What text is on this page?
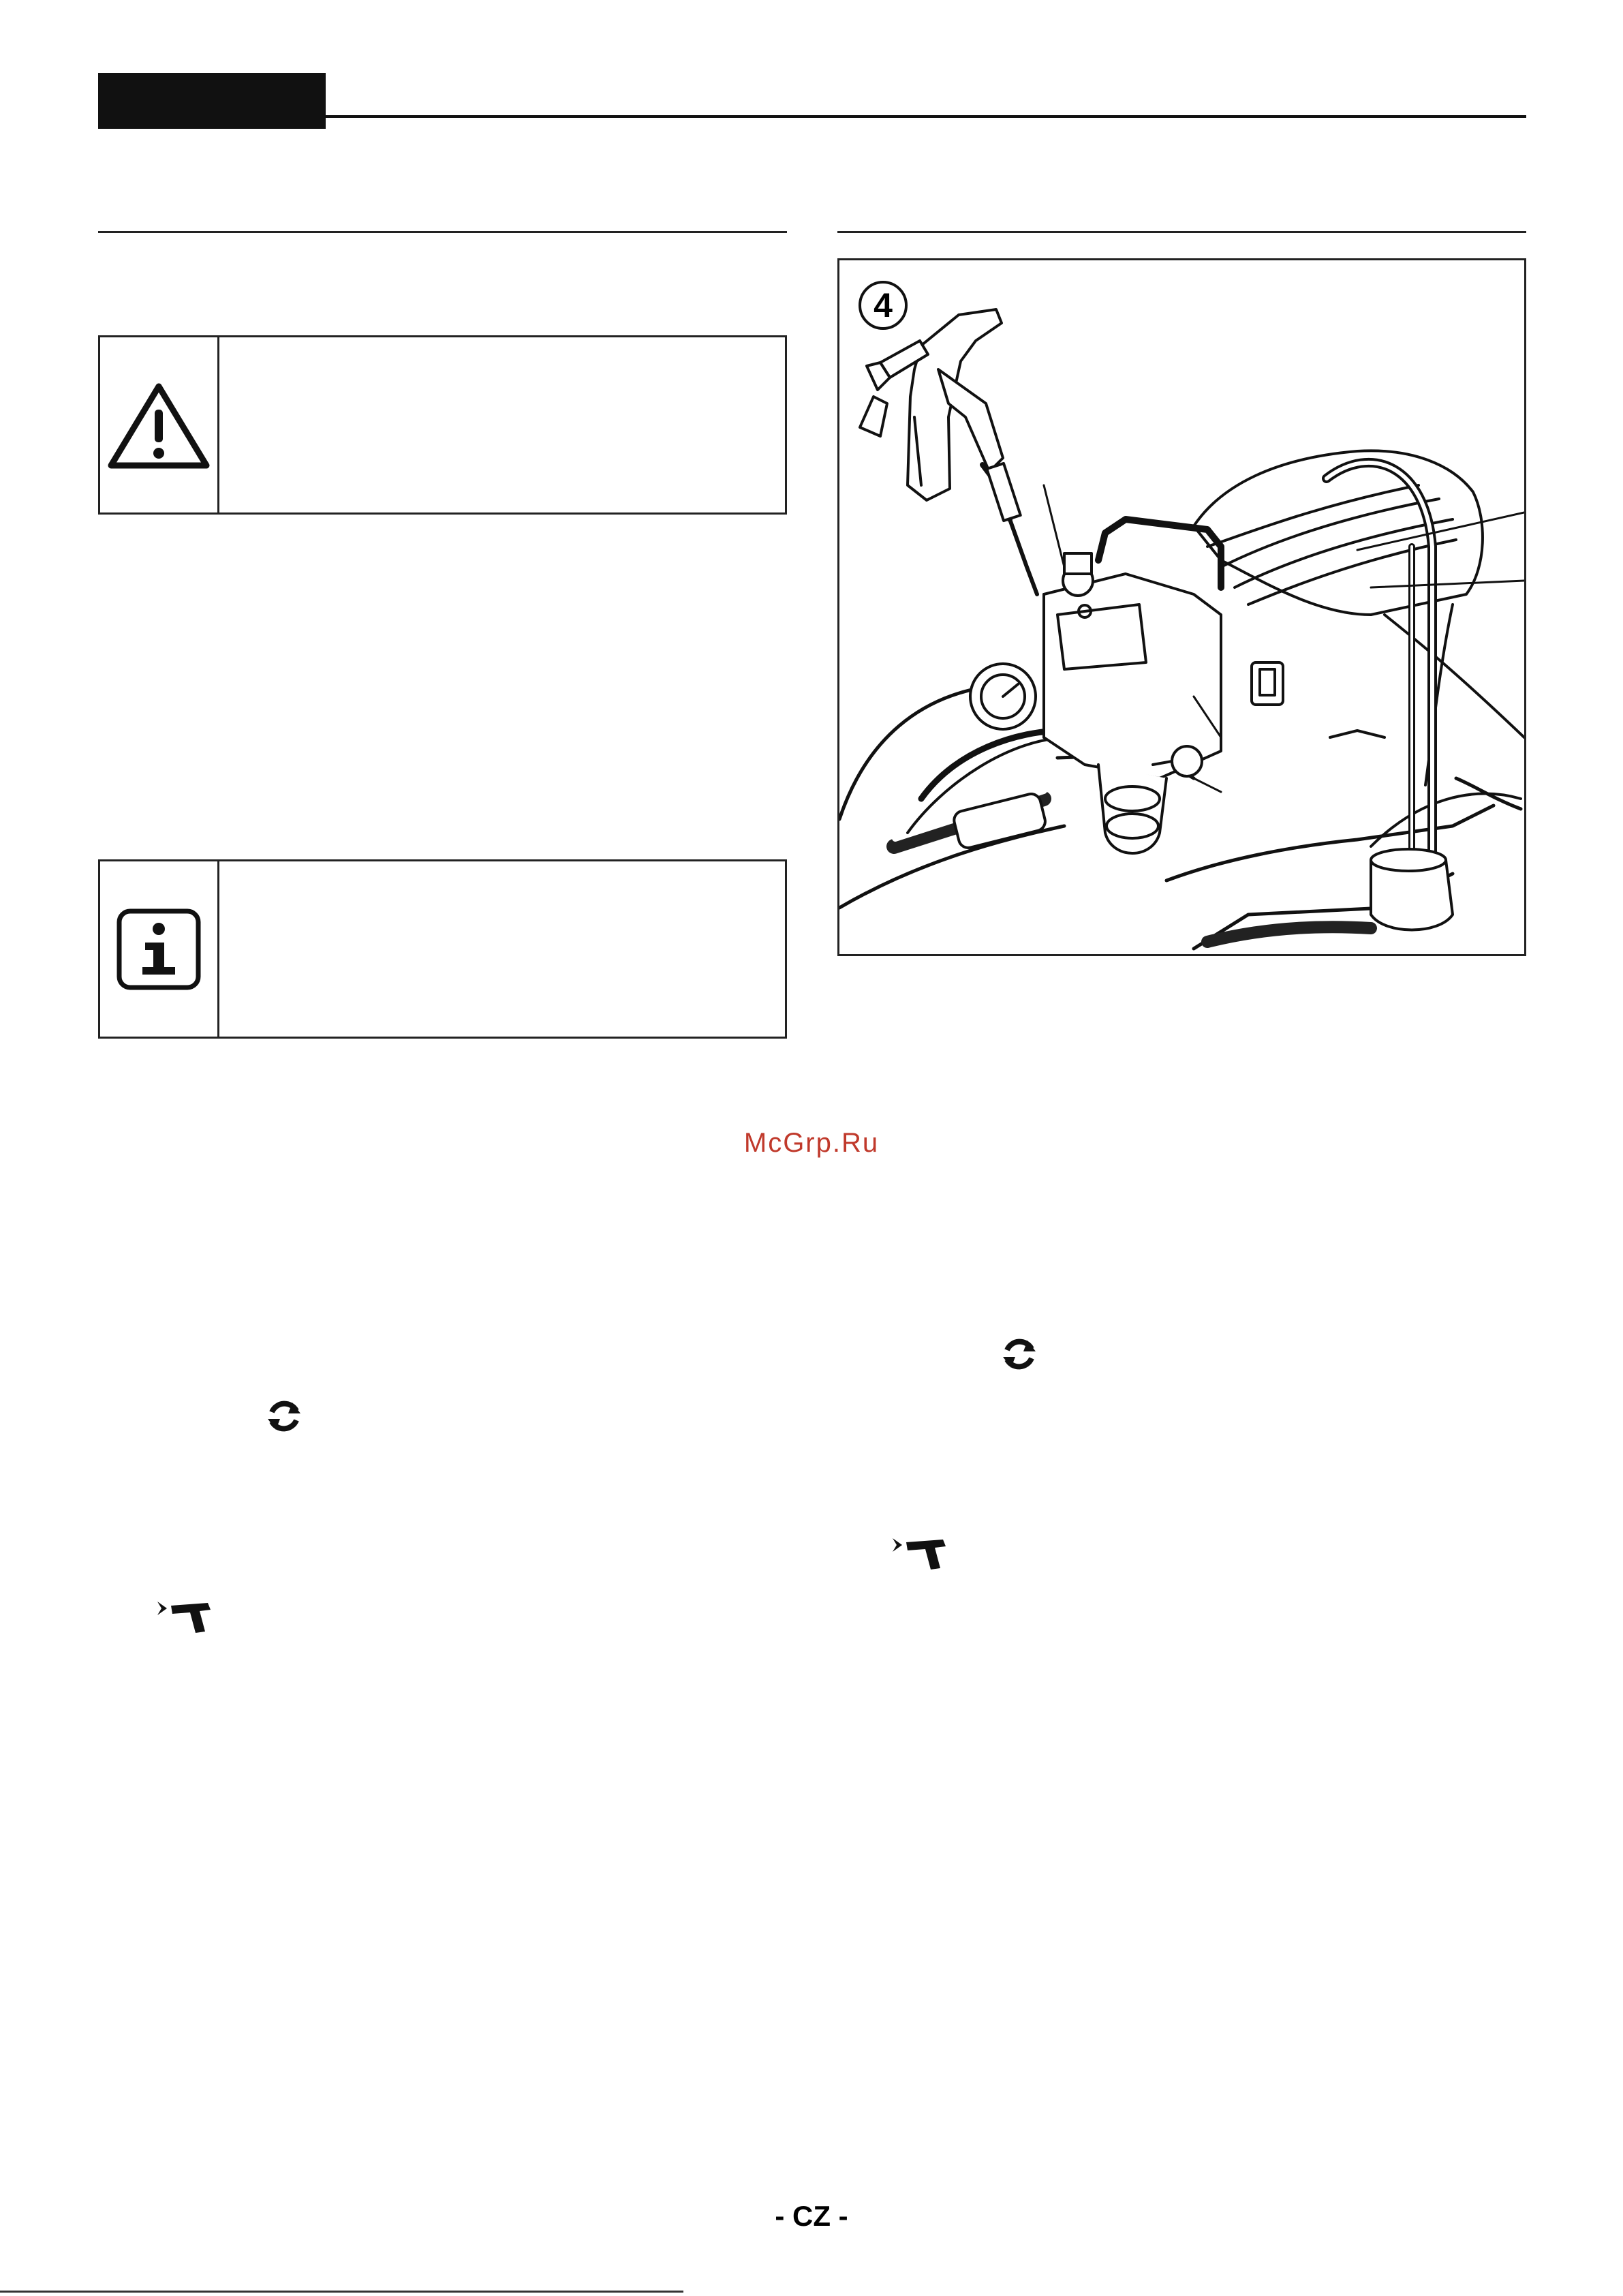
4
McGrp.Ru
- CZ -
